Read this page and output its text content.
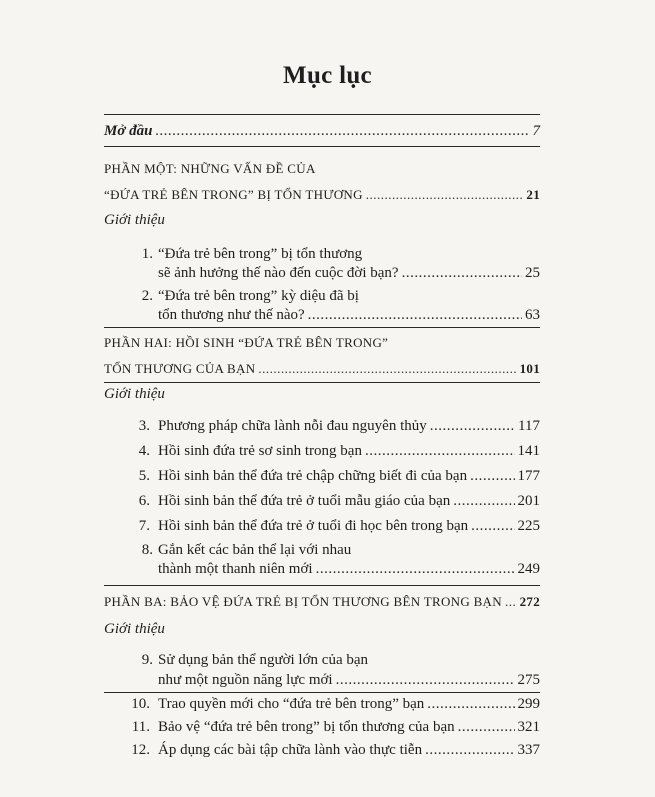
Mục lục
Mở đầu .....	7
PHẦN MỘT: NHỮNG VẤN ĐỀ CỦA
“ĐỨA TRẺ BÊN TRONG” BỊ TỔN THƯƠNG .....	21
Giới thiệu
1. “Đứa trẻ bên trong” bị tổn thương
sẽ ảnh hưởng thế nào đến cuộc đời bạn? .....	25
2. “Đứa trẻ bên trong” kỳ diệu đã bị
tổn thương như thế nào? .....	63
PHẦN HAI: HỒI SINH “ĐỨA TRẺ BÊN TRONG”
TỔN THƯƠNG CỦA BẠN .....	101
Giới thiệu
3. Phương pháp chữa lành nỗi đau nguyên thủy .....	117
4. Hồi sinh đứa trẻ sơ sinh trong bạn .....	141
5. Hồi sinh bản thể đứa trẻ chập chững biết đi của bạn .....	177
6. Hồi sinh bản thể đứa trẻ ở tuổi mẫu giáo của bạn .....	201
7. Hồi sinh bản thể đứa trẻ ở tuổi đi học bên trong bạn .....	225
8. Gắn kết các bản thể lại với nhau
thành một thanh niên mới .....	249
PHẦN BA: BẢO VỆ ĐỨA TRẺ BỊ TỔN THƯƠNG BÊN TRONG BẠN ..... 272
Giới thiệu
9. Sử dụng bản thể người lớn của bạn
như một nguồn năng lực mới .....	275
10. Trao quyền mới cho “đứa trẻ bên trong” bạn .....	299
11. Bảo vệ “đứa trẻ bên trong” bị tổn thương của bạn .....	321
12. Áp dụng các bài tập chữa lành vào thực tiễn .....	337
